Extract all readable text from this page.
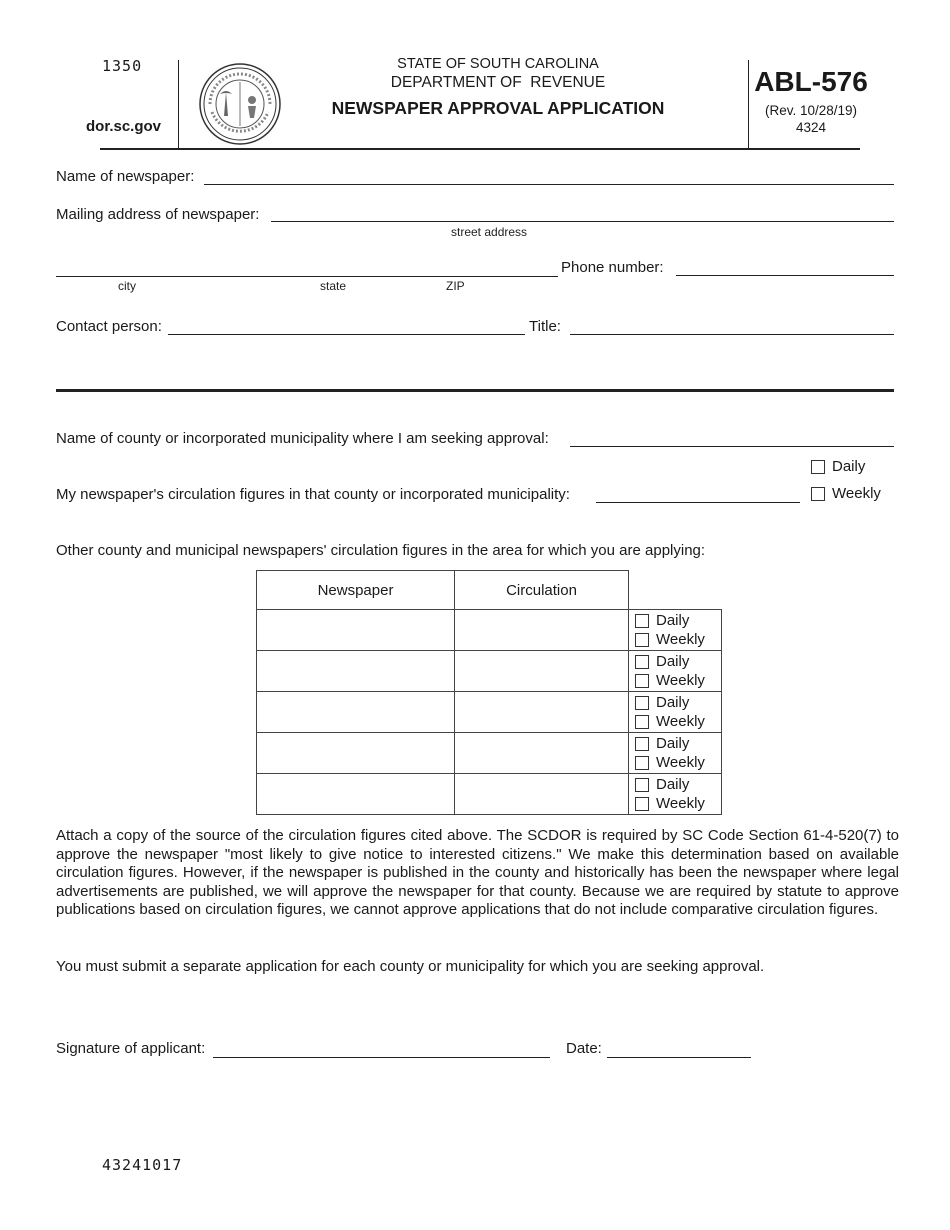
1350
dor.sc.gov
STATE OF SOUTH CAROLINA
DEPARTMENT OF  REVENUE
NEWSPAPER APPROVAL APPLICATION
ABL-576
(Rev. 10/28/19)
4324
Name of newspaper:
Mailing address of newspaper:
street address
city	state	ZIP
Phone number:
Contact person:	Title:
Name of county or incorporated municipality where I am seeking approval:
Daily
My newspaper's circulation figures in that county or incorporated municipality:	Weekly
Other county and municipal newspapers' circulation figures in the area for which you are applying:
Newspaper	Circulation	

		Daily
Weekly

		Daily
Weekly

		Daily
Weekly

		Daily
Weekly

		Daily
Weekly
Attach a copy of the source of the circulation figures cited above. The SCDOR is required by SC Code Section 61-4-520(7) to approve the newspaper "most likely to give notice to interested citizens." We make this determination based on available circulation figures. However, if the newspaper is published in the county and historically has been the newspaper where legal advertisements are published, we will approve the newspaper for that county. Because we are required by statute to approve publications based on circulation figures, we cannot approve applications that do not include comparative circulation figures.
You must submit a separate application for each county or municipality for which you are seeking approval.
Signature of applicant:	Date:
43241017
